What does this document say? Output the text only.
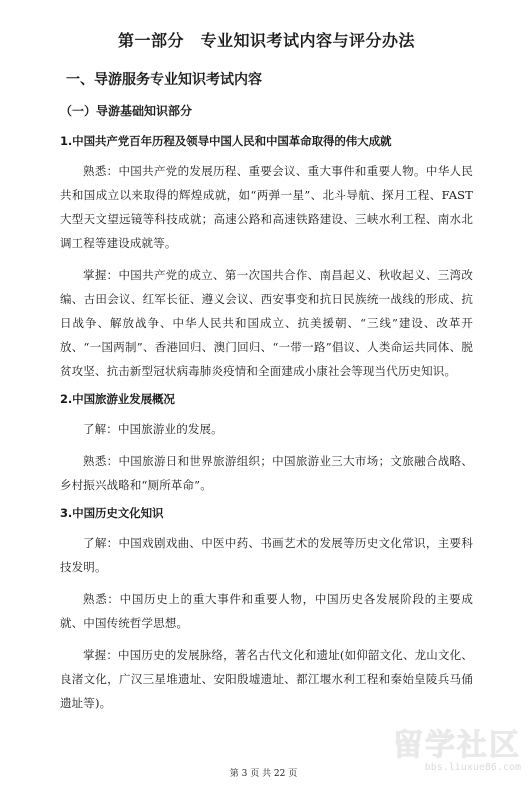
第一部分　专业知识考试内容与评分办法
一、导游服务专业知识考试内容
（一）导游基础知识部分
1.中国共产党百年历程及领导中国人民和中国革命取得的伟大成就
熟悉：中国共产党的发展历程、重要会议、重大事件和重要人物。中华人民共和国成立以来取得的辉煌成就，如“两弹一星”、北斗导航、探月工程、FAST大型天文望远镜等科技成就；高速公路和高速铁路建设、三峡水利工程、南水北调工程等建设成就等。
掌握：中国共产党的成立、第一次国共合作、南昌起义、秋收起义、三湾改编、古田会议、红军长征、遵义会议、西安事变和抗日民族统一战线的形成、抗日战争、解放战争、中华人民共和国成立、抗美援朝、“三线”建设、改革开放、“一国两制”、香港回归、澳门回归、“一带一路”倡议、人类命运共同体、脱贫攻坚、抗击新型冠状病毒肺炎疫情和全面建成小康社会等现当代历史知识。
2.中国旅游业发展概况
了解：中国旅游业的发展。
熟悉：中国旅游日和世界旅游组织；中国旅游业三大市场；文旅融合战略、乡村振兴战略和“厕所革命”。
3.中国历史文化知识
了解：中国戏剧戏曲、中医中药、书画艺术的发展等历史文化常识，主要科技发明。
熟悉：中国历史上的重大事件和重要人物，中国历史各发展阶段的主要成就、中国传统哲学思想。
掌握：中国历史的发展脉络，著名古代文化和遗址(如仰韶文化、龙山文化、良渚文化，广汉三星堆遗址、安阳殷墟遗址、都江堰水利工程和秦始皇陵兵马俑遗址等)。
第 3 页 共 22 页
留学社区
bbs.liuxue86.com
